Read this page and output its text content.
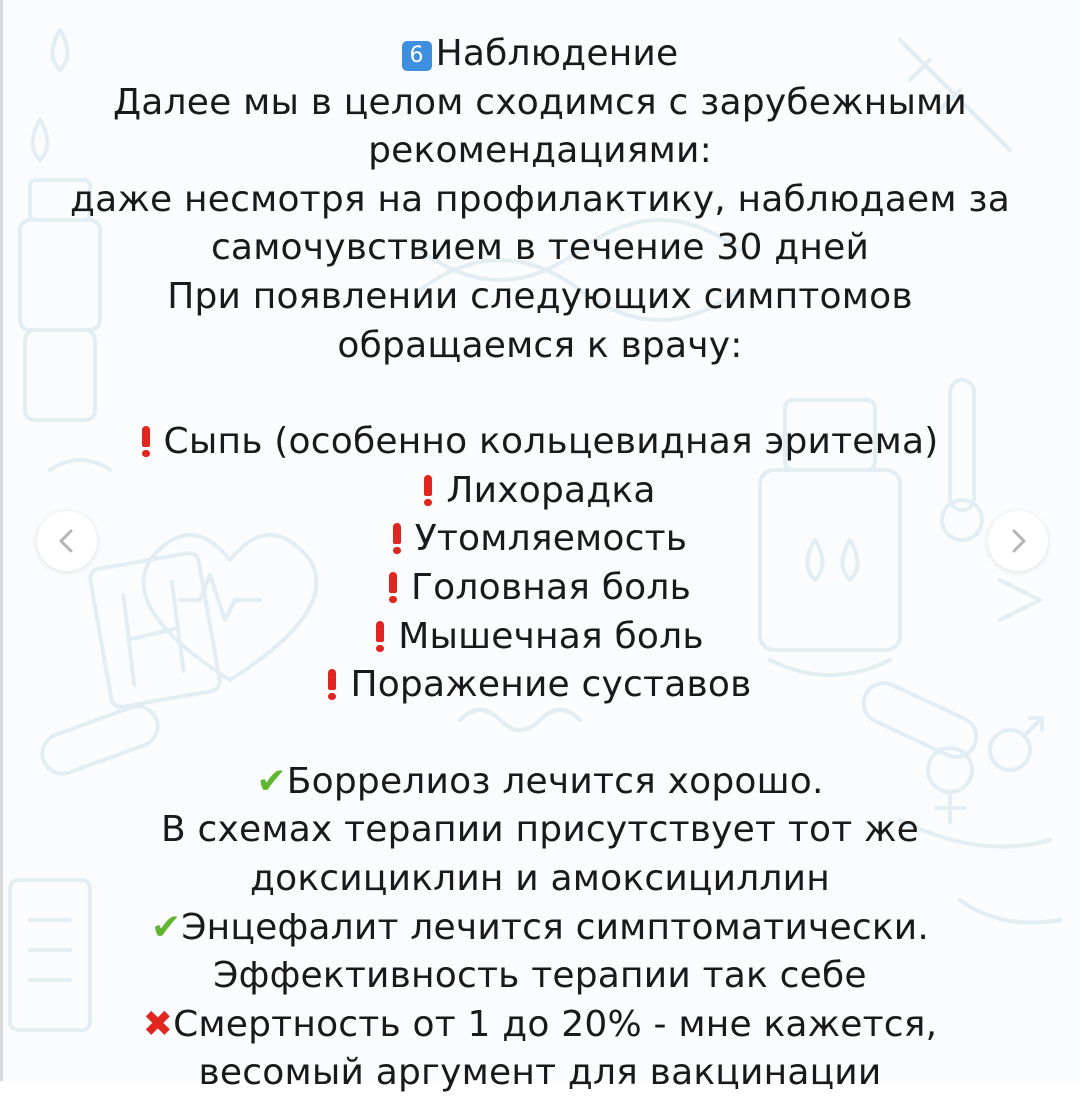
6 Наблюдение
Далее мы в целом сходимся с зарубежными
рекомендациями:
даже несмотря на профилактику, наблюдаем за
самочувствием в течение 30 дней
При появлении следующих симптомов
обращаемся к врачу:
Сыпь (особенно кольцевидная эритема)
Лихорадка
Утомляемость
Головная боль
Мышечная боль
Поражение суставов
✔Боррелиоз лечится хорошо.
В схемах терапии присутствует тот же
доксициклин и амоксициллин
✔Энцефалит лечится симптоматически.
Эффективность терапии так себе
✖Смертность от 1 до 20% - мне кажется,
весомый аргумент для вакцинации
